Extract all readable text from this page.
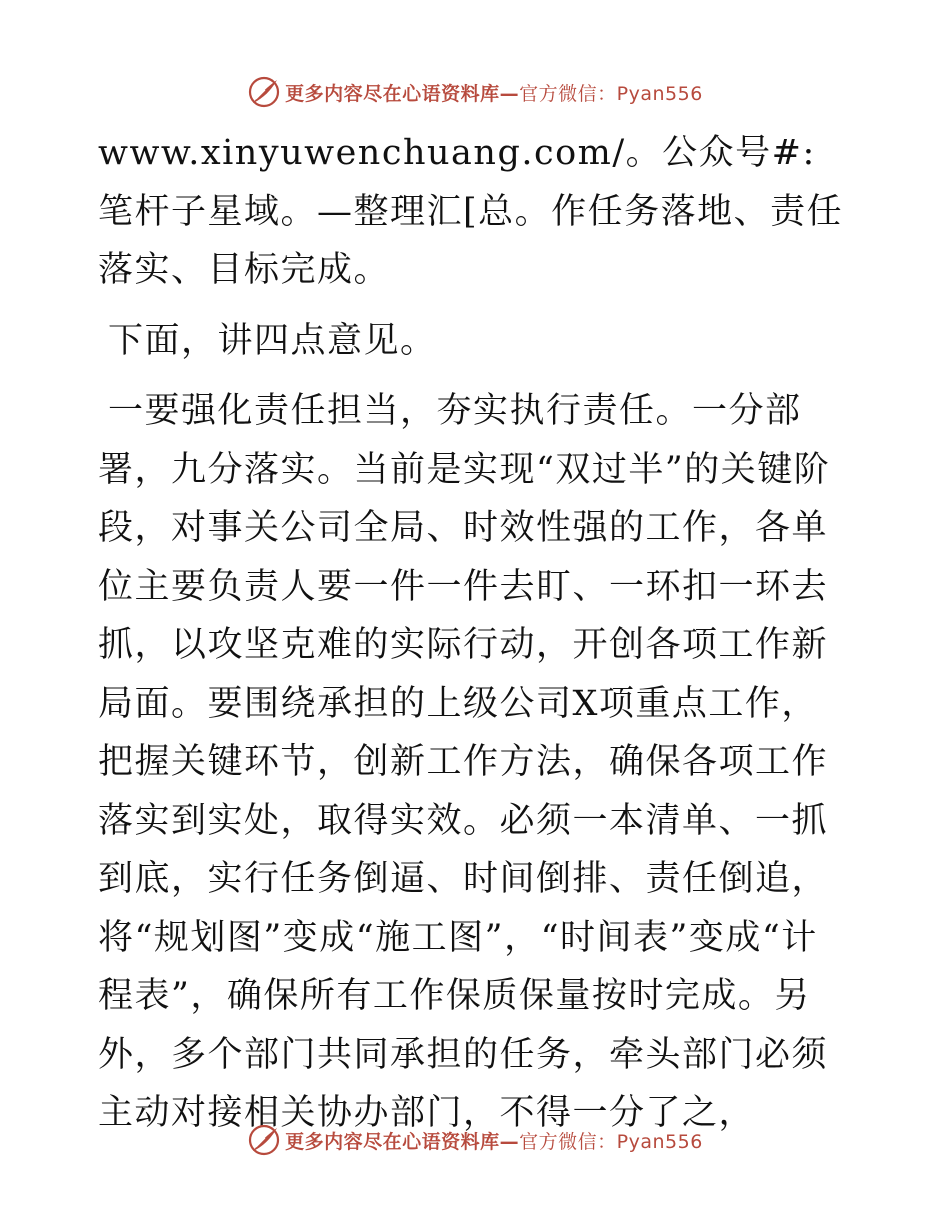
更多内容尽在心语资料库—官方微信：Pyan556

www.xinyuwenchuang.com/。公众号#: 笔杆子星域。—整理汇[总。作任务落地、责任落实、目标完成。

下面，讲四点意见。

一要强化责任担当，夯实执行责任。一分部署，九分落实。当前是实现“双过半”的关键阶段，对事关公司全局、时效性强的工作，各单位主要负责人要一件一件去盯、一环扣一环去抓，以攻坚克难的实际行动，开创各项工作新局面。要围绕承担的上级公司X项重点工作，把握关键环节，创新工作方法，确保各项工作落实到实处，取得实效。必须一本清单、一抓到底，实行任务倒逼、时间倒排、责任倒追，将“规划图”变成“施工图”，“时间表”变成“计程表”，确保所有工作保质保量按时完成。另外，多个部门共同承担的任务，牵头部门必须主动对接相关协办部门，不得一分了之，

更多内容尽在心语资料库—官方微信：Pyan556
